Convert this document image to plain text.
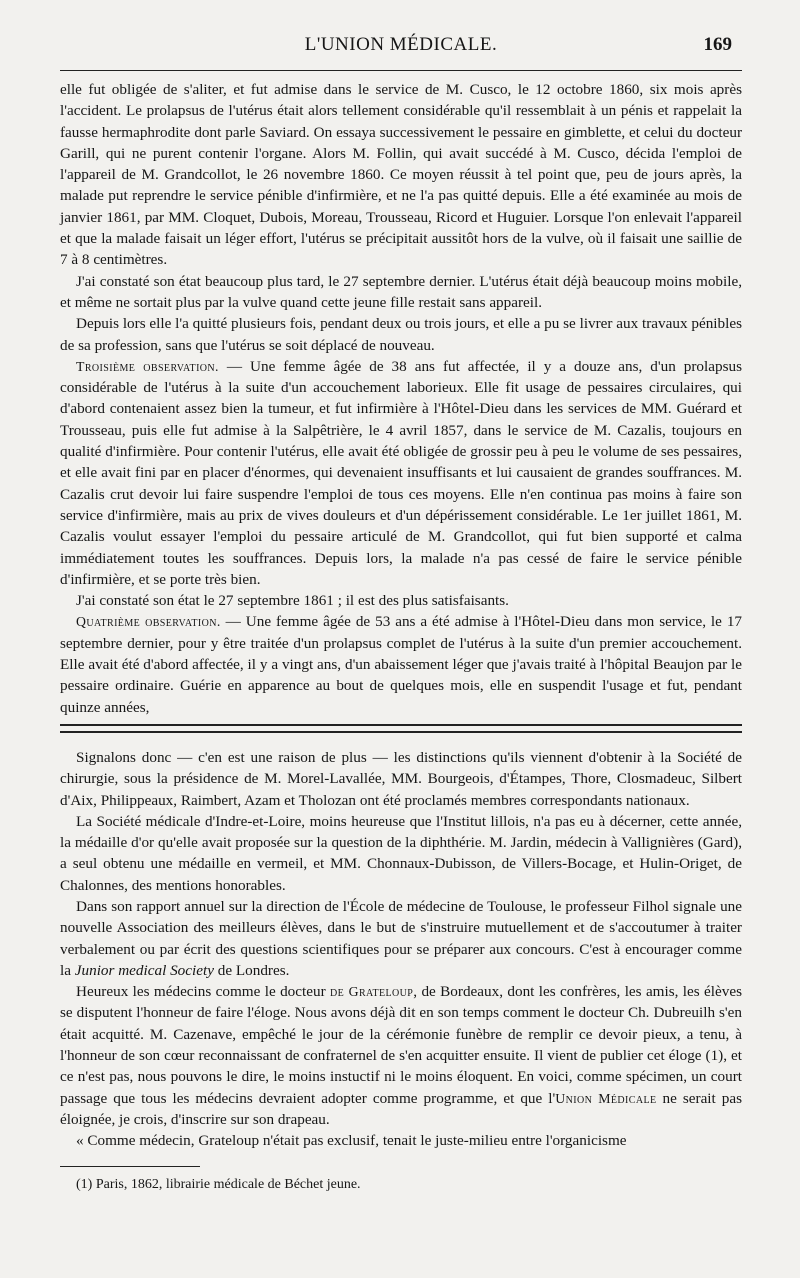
L'UNION MÉDICALE.	169

elle fut obligée de s'aliter, et fut admise dans le service de M. Cusco, le 12 octobre 1860, six mois après l'accident. Le prolapsus de l'utérus était alors tellement considérable qu'il ressemblait à un pénis et rappelait la fausse hermaphrodite dont parle Saviard. On essaya successivement le pessaire en gimblette, et celui du docteur Garill, qui ne purent contenir l'organe. Alors M. Follin, qui avait succédé à M. Cusco, décida l'emploi de l'appareil de M. Grandcollot, le 26 novembre 1860. Ce moyen réussit à tel point que, peu de jours après, la malade put reprendre le service pénible d'infirmière, et ne l'a pas quitté depuis. Elle a été examinée au mois de janvier 1861, par MM. Cloquet, Dubois, Moreau, Trousseau, Ricord et Huguier. Lorsque l'on enlevait l'appareil et que la malade faisait un léger effort, l'utérus se précipitait aussitôt hors de la vulve, où il faisait une saillie de 7 à 8 centimètres.

J'ai constaté son état beaucoup plus tard, le 27 septembre dernier. L'utérus était déjà beaucoup moins mobile, et même ne sortait plus par la vulve quand cette jeune fille restait sans appareil.

Depuis lors elle l'a quitté plusieurs fois, pendant deux ou trois jours, et elle a pu se livrer aux travaux pénibles de sa profession, sans que l'utérus se soit déplacé de nouveau.

Troisième observation. — Une femme âgée de 38 ans fut affectée, il y a douze ans, d'un prolapsus considérable de l'utérus à la suite d'un accouchement laborieux. Elle fit usage de pessaires circulaires, qui d'abord contenaient assez bien la tumeur, et fut infirmière à l'Hôtel-Dieu dans les services de MM. Guérard et Trousseau, puis elle fut admise à la Salpêtrière, le 4 avril 1857, dans le service de M. Cazalis, toujours en qualité d'infirmière. Pour contenir l'utérus, elle avait été obligée de grossir peu à peu le volume de ses pessaires, et elle avait fini par en placer d'énormes, qui devenaient insuffisants et lui causaient de grandes souffrances. M. Cazalis crut devoir lui faire suspendre l'emploi de tous ces moyens. Elle n'en continua pas moins à faire son service d'infirmière, mais au prix de vives douleurs et d'un dépérissement considérable. Le 1er juillet 1861, M. Cazalis voulut essayer l'emploi du pessaire articulé de M. Grandcollot, qui fut bien supporté et calma immédiatement toutes les souffrances. Depuis lors, la malade n'a pas cessé de faire le service pénible d'infirmière, et se porte très bien.

J'ai constaté son état le 27 septembre 1861 ; il est des plus satisfaisants.

Quatrième observation. — Une femme âgée de 53 ans a été admise à l'Hôtel-Dieu dans mon service, le 17 septembre dernier, pour y être traitée d'un prolapsus complet de l'utérus à la suite d'un premier accouchement. Elle avait été d'abord affectée, il y a vingt ans, d'un abaissement léger que j'avais traité à l'hôpital Beaujon par le pessaire ordinaire. Guérie en apparence au bout de quelques mois, elle en suspendit l'usage et fut, pendant quinze années,

Signalons donc — c'en est une raison de plus — les distinctions qu'ils viennent d'obtenir à la Société de chirurgie, sous la présidence de M. Morel-Lavallée, MM. Bourgeois, d'Étampes, Thore, Closmadeuc, Silbert d'Aix, Philippeaux, Raimbert, Azam et Tholozan ont été proclamés membres correspondants nationaux.

La Société médicale d'Indre-et-Loire, moins heureuse que l'Institut lillois, n'a pas eu à décerner, cette année, la médaille d'or qu'elle avait proposée sur la question de la diphthérie. M. Jardin, médecin à Vallignières (Gard), a seul obtenu une médaille en vermeil, et MM. Chonnaux-Dubisson, de Villers-Bocage, et Hulin-Origet, de Chalonnes, des mentions honorables.

Dans son rapport annuel sur la direction de l'École de médecine de Toulouse, le professeur Filhol signale une nouvelle Association des meilleurs élèves, dans le but de s'instruire mutuellement et de s'accoutumer à traiter verbalement ou par écrit des questions scientifiques pour se préparer aux concours. C'est à encourager comme la Junior medical Society de Londres.

Heureux les médecins comme le docteur de Grateloup, de Bordeaux, dont les confrères, les amis, les élèves se disputent l'honneur de faire l'éloge. Nous avons déjà dit en son temps comment le docteur Ch. Dubreuilh s'en était acquitté. M. Cazenave, empêché le jour de la cérémonie funèbre de remplir ce devoir pieux, a tenu, à l'honneur de son cœur reconnaissant de confraternel de s'en acquitter ensuite. Il vient de publier cet éloge (1), et ce n'est pas, nous pouvons le dire, le moins instuctif ni le moins éloquent. En voici, comme spécimen, un court passage que tous les médecins devraient adopter comme programme, et que l'Union Médicale ne serait pas éloignée, je crois, d'inscrire sur son drapeau.

« Comme médecin, Grateloup n'était pas exclusif, tenait le juste-milieu entre l'organicisme

(1) Paris, 1862, librairie médicale de Béchet jeune.
